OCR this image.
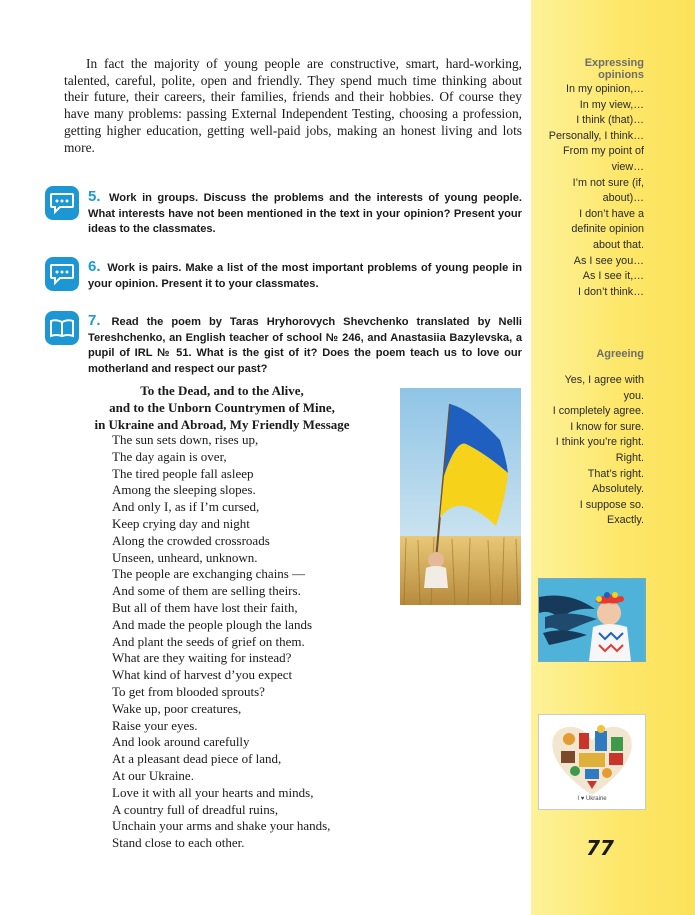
Expressing opinions
In my opinion,…
In my view,…
I think (that)…
Personally, I think…
From my point of
view…
I’m not sure (if,
about)…
I don’t have a
definite opinion
about that.
As I see you…
As I see it,…
I don’t think…
Agreeing
Yes, I agree with
you.
I completely agree.
I know for sure.
I think you’re right.
Right.
That’s right.
Absolutely.
I suppose so.
Exactly.

In fact the majority of young people are constructive, smart, hard-working, talented, careful, polite, open and friendly. They spend much time thinking about their future, their careers, their families, friends and their hobbies. Of course they have many problems: passing External Independent Testing, choosing a profession, getting higher education, getting well-paid jobs, making an honest living and lots more.

5. Work in groups. Discuss the problems and the interests of young people. What interests have not been mentioned in the text in your opinion? Present your ideas to the classmates.

6. Work is pairs. Make a list of the most important problems of young people in your opinion. Present it to your classmates.

7. Read the poem by Taras Hryhorovych Shevchenko translated by Nelli Tereshchenko, an English teacher of school № 246, and Anastasiia Bazylevska, a pupil of IRL № 51. What is the gist of it? Does the poem teach us to love our motherland and respect our past?

To the Dead, and to the Alive,
and to the Unborn Countrymen of Mine,
in Ukraine and Abroad, My Friendly Message
The sun sets down, rises up,
The day again is over,
The tired people fall asleep
Among the sleeping slopes.
And only I, as if I’m cursed,
Keep crying day and night
Along the crowded crossroads
Unseen, unheard, unknown.
The people are exchanging chains —
And some of them are selling theirs.
But all of them have lost their faith,
And made the people plough the lands
And plant the seeds of grief on them.
What are they waiting for instead?
What kind of harvest d’you expect
To get from blooded sprouts?
Wake up, poor creatures,
Raise your eyes.
And look around carefully
At a pleasant dead piece of land,
At our Ukraine.
Love it with all your hearts and minds,
A country full of dreadful ruins,
Unchain your arms and shake your hands,
Stand close to each other.
I ♥ Ukraine
77
